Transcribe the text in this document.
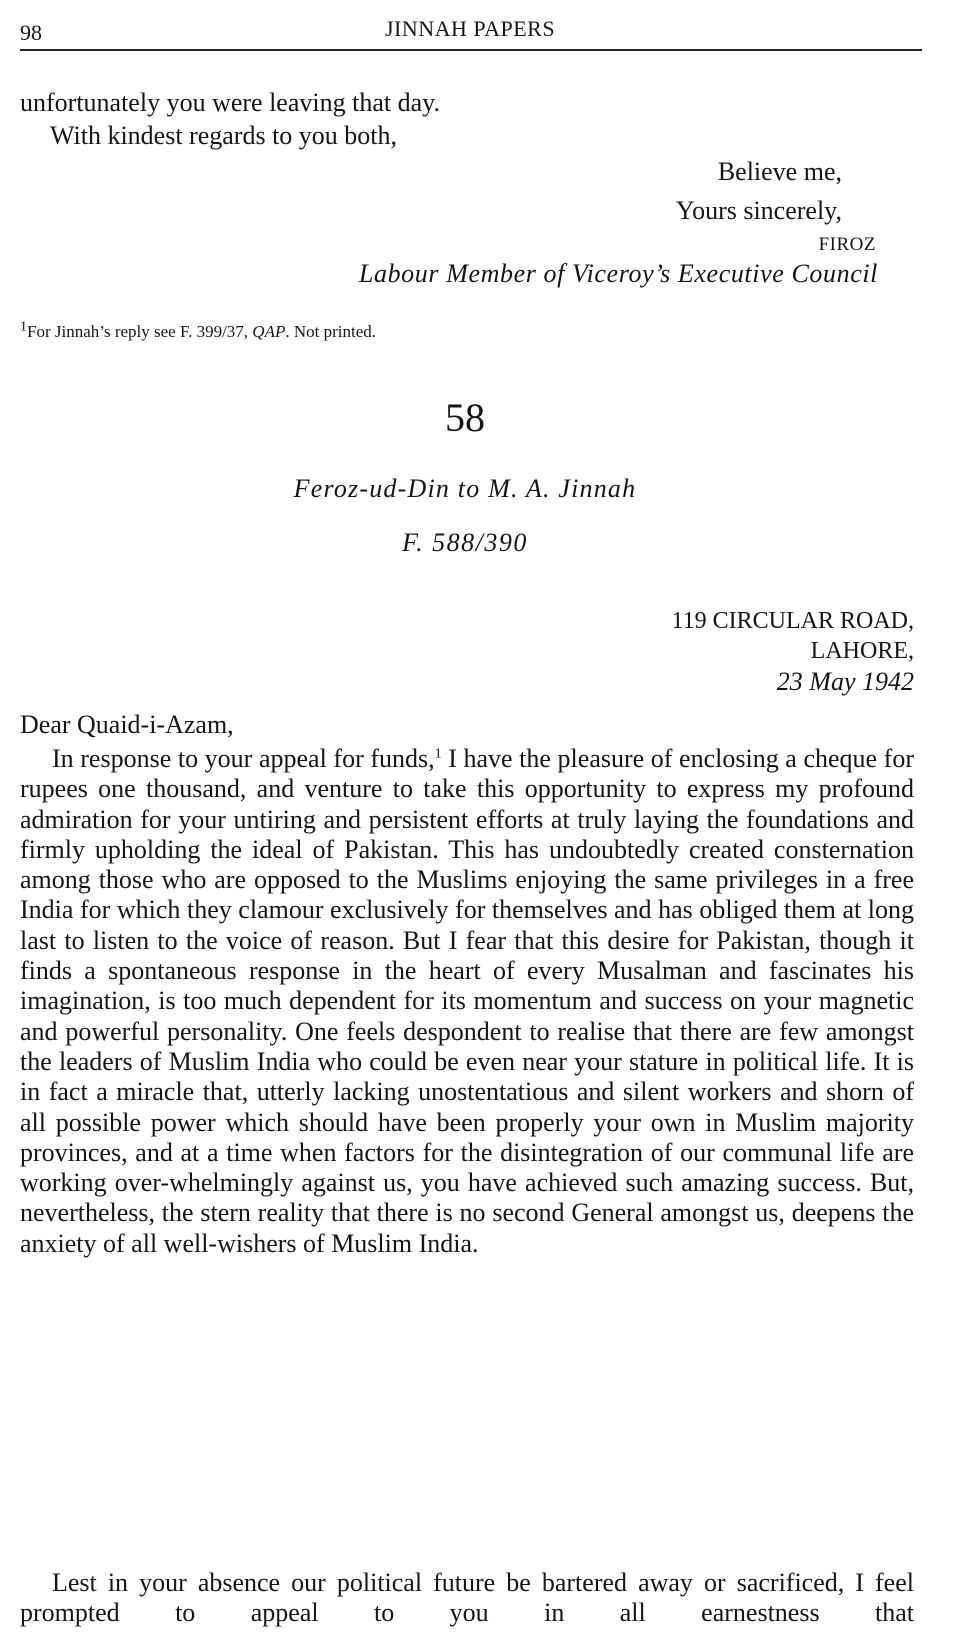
98	JINNAH PAPERS
unfortunately you were leaving that day.
With kindest regards to you both,
Believe me,
Yours sincerely,
FIROZ
Labour Member of Viceroy’s Executive Council
$^1$For Jinnah’s reply see F. 399/37, QAP. Not printed.
58
Feroz-ud-Din to M. A. Jinnah
F. 588/390
119 CIRCULAR ROAD,
LAHORE,
23 May 1942
Dear Quaid-i-Azam,
In response to your appeal for funds,$^1$ I have the pleasure of enclosing a cheque for rupees one thousand, and venture to take this opportunity to express my profound admiration for your untiring and persistent efforts at truly laying the foundations and firmly upholding the ideal of Pakistan. This has undoubtedly created consternation among those who are opposed to the Muslims enjoying the same privileges in a free India for which they clamour exclusively for themselves and has obliged them at long last to listen to the voice of reason. But I fear that this desire for Pakistan, though it finds a spontaneous response in the heart of every Musalman and fascinates his imagination, is too much dependent for its momentum and success on your magnetic and powerful personality. One feels despondent to realise that there are few amongst the leaders of Muslim India who could be even near your stature in political life. It is in fact a miracle that, utterly lacking unostentatious and silent workers and shorn of all possible power which should have been properly your own in Muslim majority provinces, and at a time when factors for the disintegration of our communal life are working over-whelmingly against us, you have achieved such amazing success. But, nevertheless, the stern reality that there is no second General amongst us, deepens the anxiety of all well-wishers of Muslim India.
Lest in your absence our political future be bartered away or sacrificed, I feel prompted to appeal to you in all earnestness that
